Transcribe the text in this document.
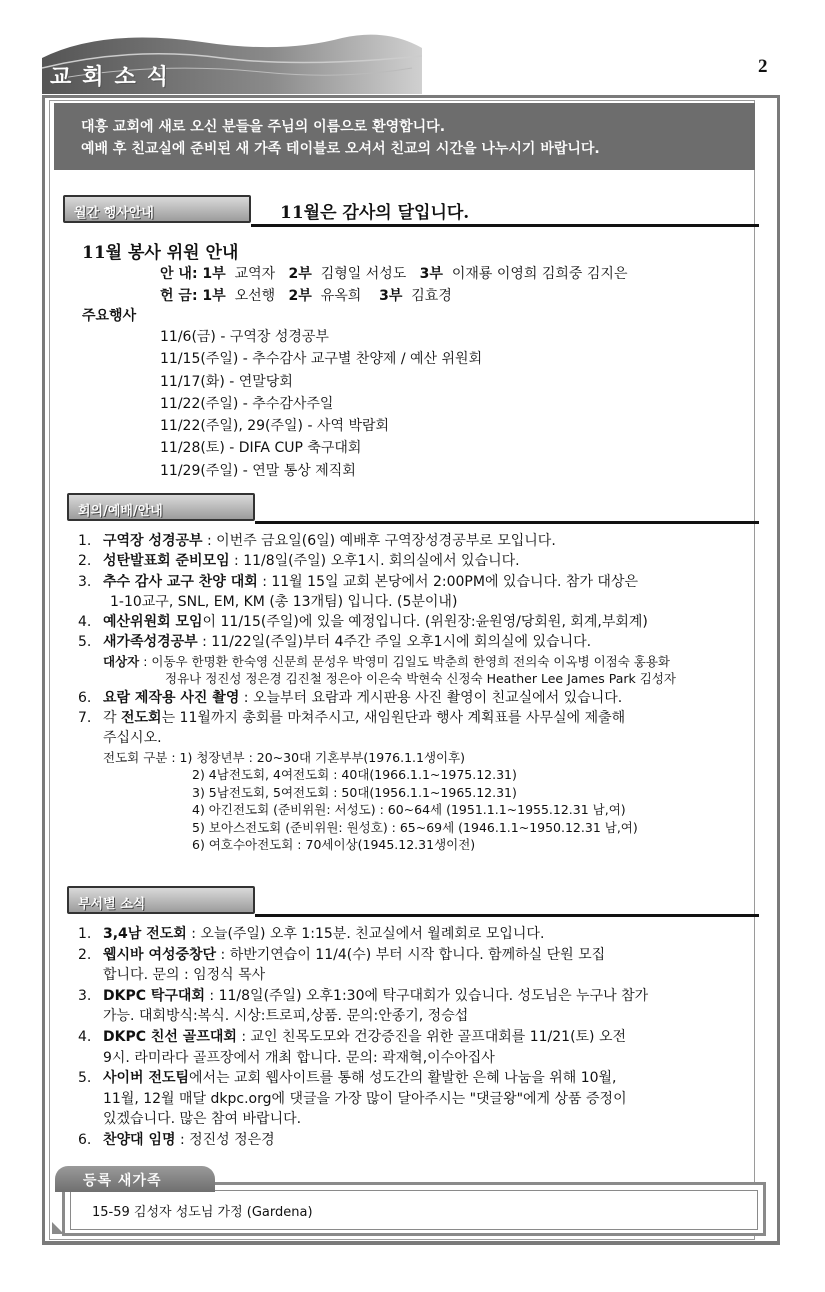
교회소식	2
대흥 교회에 새로 오신 분들을 주님의 이름으로 환영합니다.
예배 후 친교실에 준비된 새 가족 테이블로 오셔서 친교의 시간을 나누시기 바랍니다.
월간 행사안내	11월은 감사의 달입니다.
11월 봉사 위원 안내
안 내: 1부 교역자 2부 김형일 서성도 3부 이재룡 이영희 김희중 김지은
헌 금: 1부 오선행 2부 유옥희 3부 김효경
주요행사
11/6(금) - 구역장 성경공부
11/15(주일) - 추수감사 교구별 찬양제 / 예산 위원회
11/17(화) - 연말당회
11/22(주일) - 추수감사주일
11/22(주일), 29(주일) - 사역 박람회
11/28(토) - DIFA CUP 축구대회
11/29(주일) - 연말 통상 제직회
회의/예배/안내
1. 구역장 성경공부 : 이번주 금요일(6일) 예배후 구역장성경공부로 모입니다.
2. 성탄발표회 준비모임 : 11/8일(주일) 오후1시. 회의실에서 있습니다.
3. 추수 감사 교구 찬양 대회 : 11월 15일 교회 본당에서 2:00PM에 있습니다. 참가 대상은
1-10교구, SNL, EM, KM (총 13개팀) 입니다. (5분이내)
4. 예산위원회 모임이 11/15(주일)에 있을 예정입니다. (위원장:윤원영/당회원, 회계,부회계)
5. 새가족성경공부 : 11/22일(주일)부터 4주간 주일 오후1시에 회의실에 있습니다.
대상자 : 이동우 한명환 한숙영 신문희 문성우 박영미 김일도 박춘희 한영희 전의숙 이옥병 이점숙 홍용화
정유나 정진성 정은경 김진철 정은아 이은숙 박현숙 신정숙 Heather Lee James Park 김성자
6. 요람 제작용 사진 촬영 : 오늘부터 요람과 게시판용 사진 촬영이 친교실에서 있습니다.
7. 각 전도회는 11월까지 총회를 마쳐주시고, 새임원단과 행사 계획표를 사무실에 제출해
주십시오.
전도회 구분 : 1) 청장년부 : 20~30대 기혼부부(1976.1.1생이후)
2) 4남전도회, 4여전도회 : 40대(1966.1.1~1975.12.31)
3) 5남전도회, 5여전도회 : 50대(1956.1.1~1965.12.31)
4) 아긴전도회 (준비위원: 서성도) : 60~64세 (1951.1.1~1955.12.31 남,여)
5) 보아스전도회 (준비위원: 원성호) : 65~69세 (1946.1.1~1950.12.31 남,여)
6) 여호수아전도회 : 70세이상(1945.12.31생이전)
부서별 소식
1. 3,4남 전도회 : 오늘(주일) 오후 1:15분. 친교실에서 월례회로 모입니다.
2. 웹시바 여성중창단 : 하반기연습이 11/4(수) 부터 시작 합니다. 함께하실 단원 모집
합니다. 문의 : 임정식 목사
3. DKPC 탁구대회 : 11/8일(주일) 오후1:30에 탁구대회가 있습니다. 성도님은 누구나 참가
가능. 대회방식:복식. 시상:트로피,상품. 문의:안종기, 정승섭
4. DKPC 친선 골프대회 : 교인 친목도모와 건강증진을 위한 골프대회를 11/21(토) 오전
9시. 라미라다 골프장에서 개최 합니다. 문의: 곽재혁,이수아집사
5. 사이버 전도팀에서는 교회 웹사이트를 통해 성도간의 활발한 은혜 나눔을 위해 10월,
11월, 12월 매달 dkpc.org에 댓글을 가장 많이 달아주시는 "댓글왕"에게 상품 증정이
있겠습니다. 많은 참여 바랍니다.
6. 찬양대 임명 : 정진성 정은경
등록 새가족
15-59 김성자 성도님 가정 (Gardena)
